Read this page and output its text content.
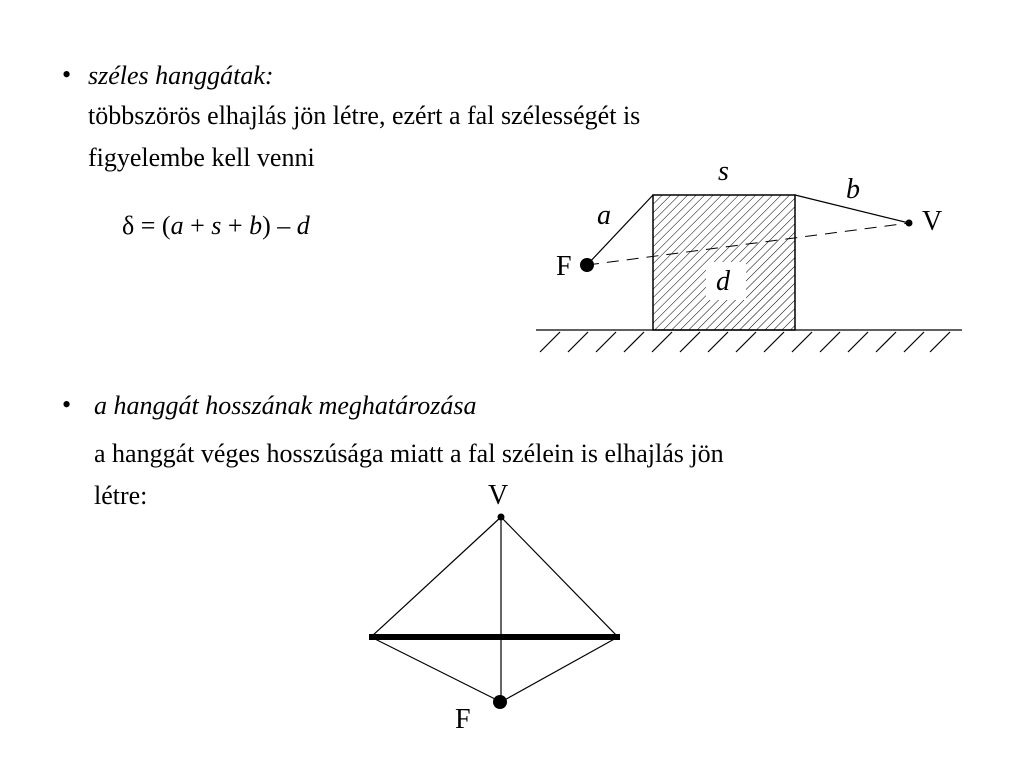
• széles hanggátak:
többszörös elhajlás jön létre, ezért a fal szélességét is
figyelembe kell venni
δ = (a + s + b) – d
s
b
a	V
F	d
• a hanggát hosszának meghatározása
a hanggát véges hosszúsága miatt a fal szélein is elhajlás jön
létre:	V
F
